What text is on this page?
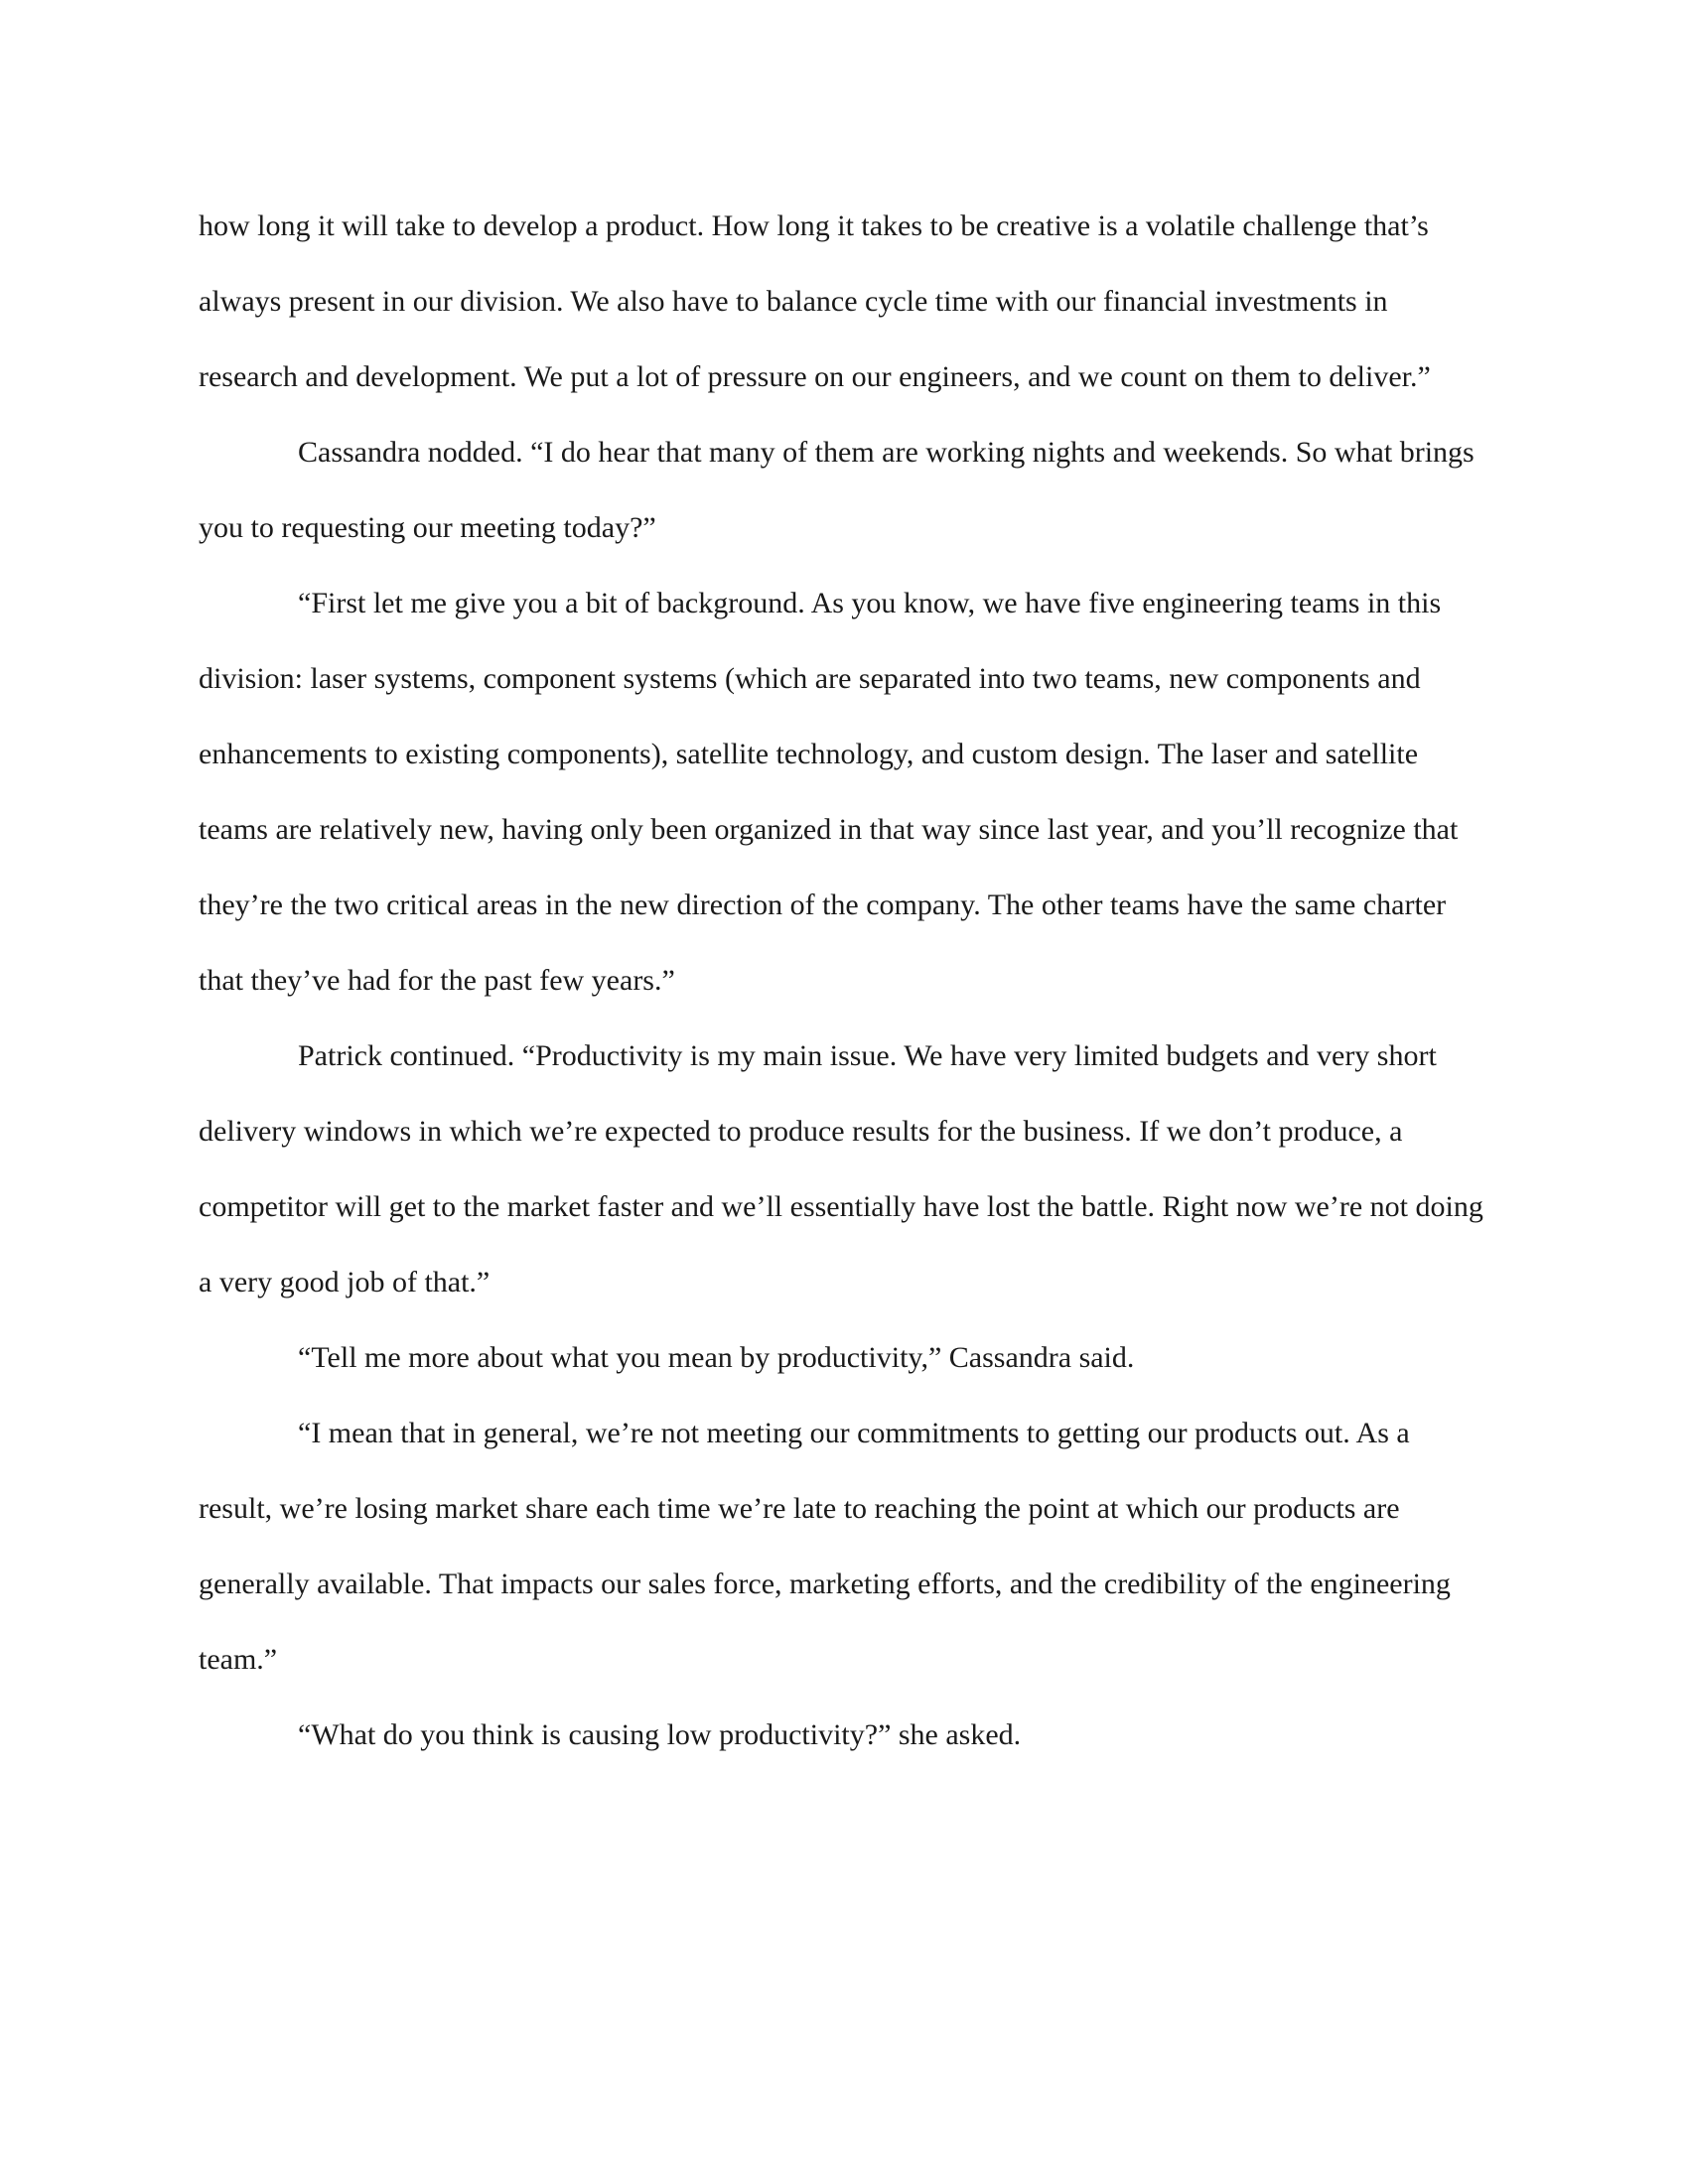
how long it will take to develop a product. How long it takes to be creative is a volatile challenge that’s always present in our division. We also have to balance cycle time with our financial investments in research and development. We put a lot of pressure on our engineers, and we count on them to deliver.”

Cassandra nodded. “I do hear that many of them are working nights and weekends. So what brings you to requesting our meeting today?”

“First let me give you a bit of background. As you know, we have five engineering teams in this division: laser systems, component systems (which are separated into two teams, new components and enhancements to existing components), satellite technology, and custom design. The laser and satellite teams are relatively new, having only been organized in that way since last year, and you’ll recognize that they’re the two critical areas in the new direction of the company. The other teams have the same charter that they’ve had for the past few years.”

Patrick continued. “Productivity is my main issue. We have very limited budgets and very short delivery windows in which we’re expected to produce results for the business. If we don’t produce, a competitor will get to the market faster and we’ll essentially have lost the battle. Right now we’re not doing a very good job of that.”

“Tell me more about what you mean by productivity,” Cassandra said.

“I mean that in general, we’re not meeting our commitments to getting our products out. As a result, we’re losing market share each time we’re late to reaching the point at which our products are generally available. That impacts our sales force, marketing efforts, and the credibility of the engineering team.”

“What do you think is causing low productivity?” she asked.
